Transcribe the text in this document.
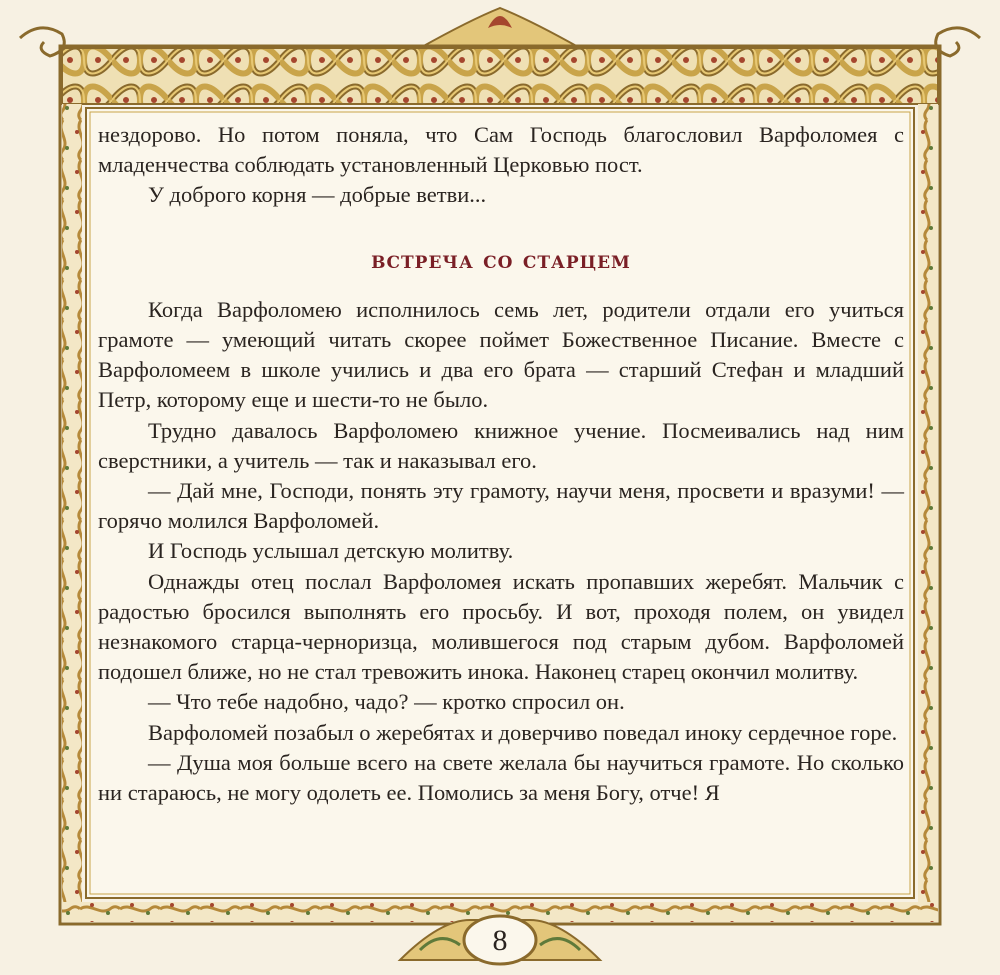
нездорово. Но потом поняла, что Сам Господь благословил Варфоломея с младенчества соблюдать установленный Церковью пост.

У доброго корня — добрые ветви...

встреча со старцем

Когда Варфоломею исполнилось семь лет, родители отдали его учиться грамоте — умеющий читать скорее поймет Божественное Писание. Вместе с Варфоломеем в школе учились и два его брата — старший Стефан и младший Петр, которому еще и шести-то не было.

Трудно давалось Варфоломею книжное учение. Посмеивались над ним сверстники, а учитель — так и наказывал его.

— Дай мне, Господи, понять эту грамоту, научи меня, просвети и вразуми! — горячо молился Варфоломей.

И Господь услышал детскую молитву.

Однажды отец послал Варфоломея искать пропавших жеребят. Мальчик с радостью бросился выполнять его просьбу. И вот, проходя полем, он увидел незнакомого старца-черноризца, молившегося под старым дубом. Варфоломей подошел ближе, но не стал тревожить инока. Наконец старец окончил молитву.

— Что тебе надобно, чадо? — кротко спросил он.

Варфоломей позабыл о жеребятах и доверчиво поведал иноку сердечное горе.

— Душа моя больше всего на свете желала бы научиться грамоте. Но сколько ни стараюсь, не могу одолеть ее. Помолись за меня Богу, отче! Я

8
